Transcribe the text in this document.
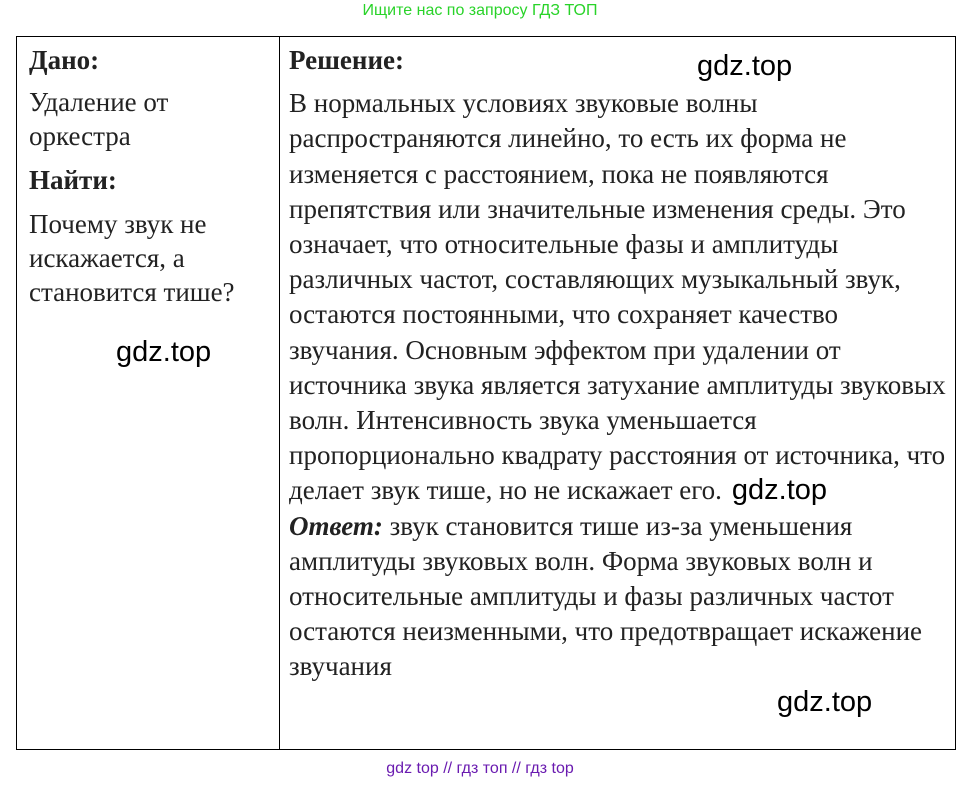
Ищите нас по запросу ГДЗ ТОП
Дано:
Удаление от оркестра
Найти:
Почему звук не искажается, а становится тише?
Решение:
В нормальных условиях звуковые волны распространяются линейно, то есть их форма не изменяется с расстоянием, пока не появляются препятствия или значительные изменения среды. Это означает, что относительные фазы и амплитуды различных частот, составляющих музыкальный звук, остаются постоянными, что сохраняет качество звучания. Основным эффектом при удалении от источника звука является затухание амплитуды звуковых волн. Интенсивность звука уменьшается пропорционально квадрату расстояния от источника, что делает звук тише, но не искажает его. gdz.top
Ответ: звук становится тише из-за уменьшения амплитуды звуковых волн. Форма звуковых волн и относительные амплитуды и фазы различных частот остаются неизменными, что предотвращает искажение звучания
gdz.top
gdz.top
gdz.top
gdz top // гдз топ // гдз top
